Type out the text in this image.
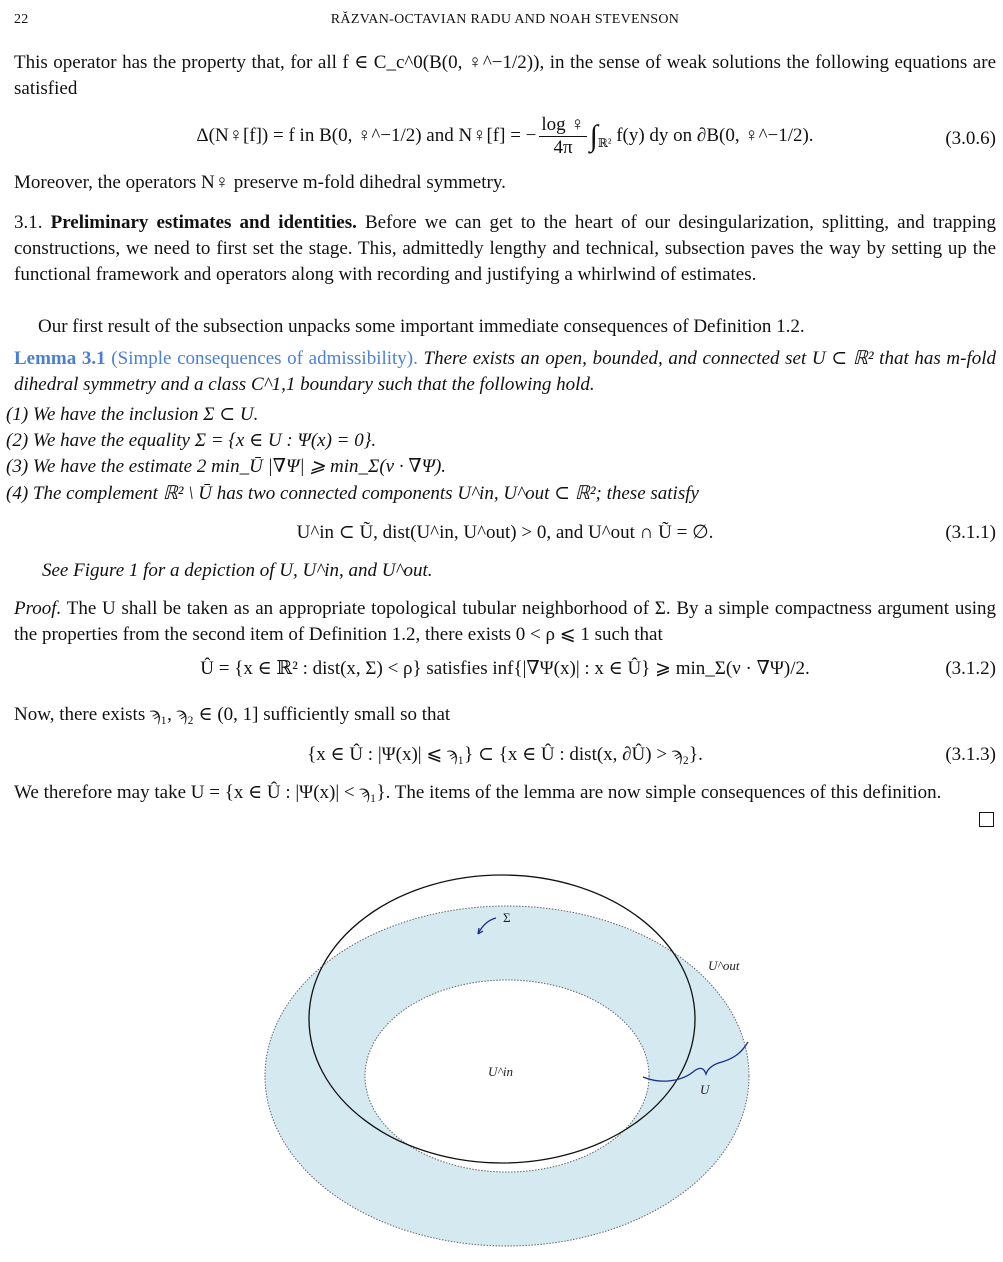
22	RĂZVAN-OCTAVIAN RADU AND NOAH STEVENSON
This operator has the property that, for all f ∈ C_c^0(B(0, ♀^−1/2)), in the sense of weak solutions the following equations are satisfied
Δ(N♀[f]) = f in B(0, ♀^−1/2) and N♀[f] = − $\frac{\log ♀}{4\pi} \int_{ℝ^2}$ f(y) dy on ∂B(0, ♀^−1/2).	(3.0.6)
Moreover, the operators N♀ preserve m-fold dihedral symmetry.
3.1. Preliminary estimates and identities. Before we can get to the heart of our desingularization, splitting, and trapping constructions, we need to first set the stage. This, admittedly lengthy and technical, subsection paves the way by setting up the functional framework and operators along with recording and justifying a whirlwind of estimates.
Our first result of the subsection unpacks some important immediate consequences of Definition 1.2.
Lemma 3.1 (Simple consequences of admissibility). There exists an open, bounded, and connected set U ⊂ ℝ² that has m-fold dihedral symmetry and a class C^1,1 boundary such that the following hold.
(1) We have the inclusion Σ ⊂ U.
(2) We have the equality Σ = {x ∈ U : Ψ(x) = 0}.
(3) We have the estimate 2 min_Ū |∇Ψ| ⩾ min_Σ(ν · ∇Ψ).
(4) The complement ℝ² \ Ū has two connected components U^in, U^out ⊂ ℝ²; these satisfy
U^in ⊂ Ũ, dist(U^in, U^out) > 0, and U^out ∩ Ũ = ∅.	(3.1.1)
See Figure 1 for a depiction of U, U^in, and U^out.
Proof. The U shall be taken as an appropriate topological tubular neighborhood of Σ. By a simple compactness argument using the properties from the second item of Definition 1.2, there exists 0 < ρ ⩽ 1 such that
Û = {x ∈ ℝ² : dist(x, Σ) < ρ} satisfies inf{|∇Ψ(x)| : x ∈ Û} ⩾ min_Σ(ν · ∇Ψ)/2.	(3.1.2)
Now, there exists ϡ₁, ϡ₂ ∈ (0, 1] sufficiently small so that
{x ∈ Û : |Ψ(x)| ⩽ ϡ₁} ⊂ {x ∈ Û : dist(x, ∂Û) > ϡ₂}.	(3.1.3)
We therefore may take U = {x ∈ Û : |Ψ(x)| < ϡ₁}. The items of the lemma are now simple consequences of this definition.
Σ
U^out
U^in
U
